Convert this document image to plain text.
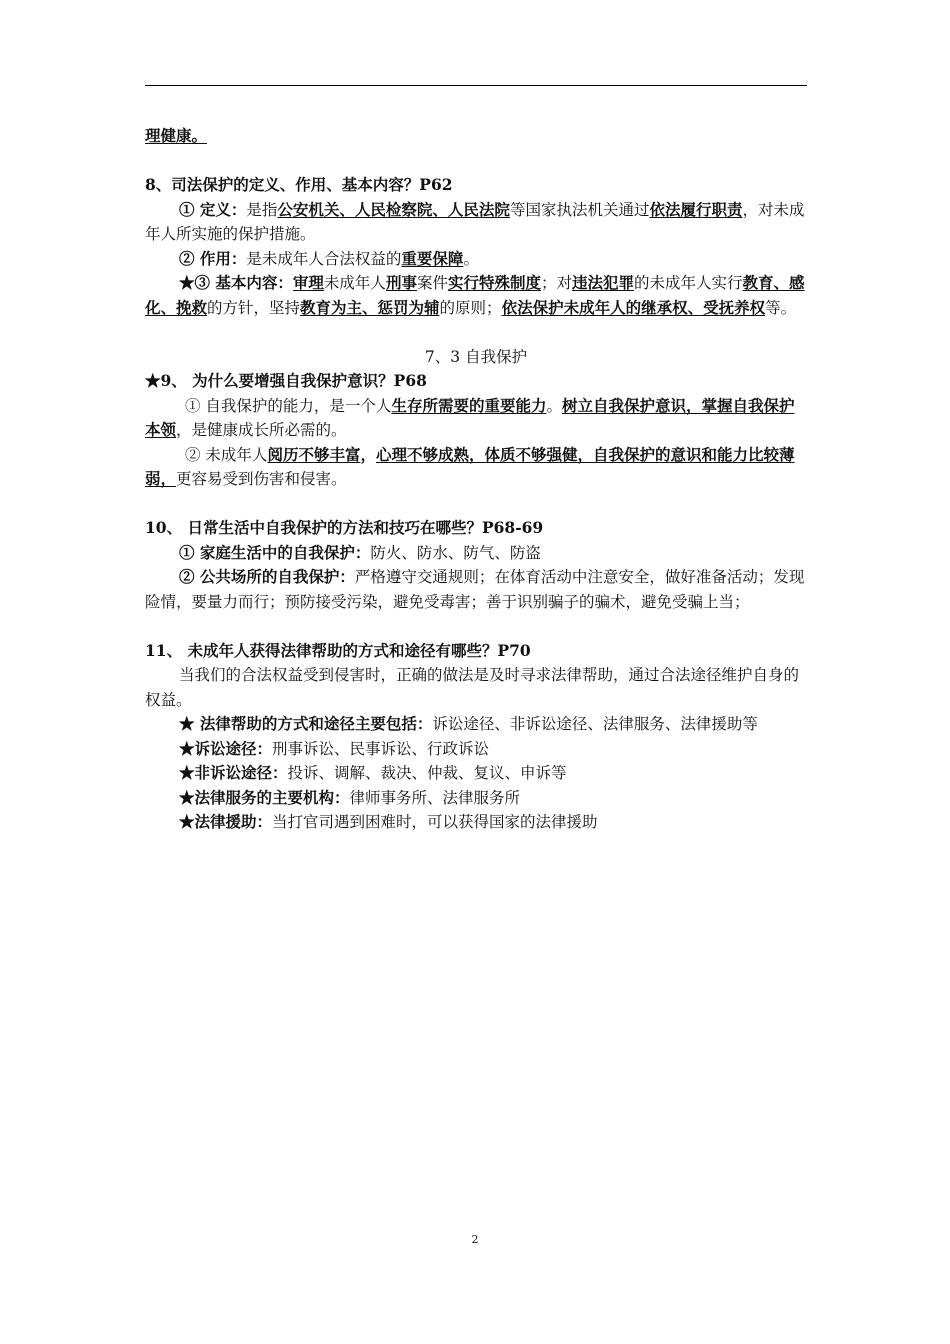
理健康。

8、司法保护的定义、作用、基本内容？P62

① 定义：是指公安机关、人民检察院、人民法院等国家执法机关通过依法履行职责，对未成年人所实施的保护措施。

② 作用：是未成年人合法权益的重要保障。

★③ 基本内容：审理未成年人刑事案件实行特殊制度；对违法犯罪的未成年人实行教育、感化、挽救的方针，坚持教育为主、惩罚为辅的原则；依法保护未成年人的继承权、受抚养权等。

7、3 自我保护

★9、 为什么要增强自我保护意识？P68

① 自我保护的能力，是一个人生存所需要的重要能力。树立自我保护意识，掌握自我保护本领，是健康成长所必需的。

② 未成年人阅历不够丰富，心理不够成熟，体质不够强健，自我保护的意识和能力比较薄弱，更容易受到伤害和侵害。

10、 日常生活中自我保护的方法和技巧在哪些？P68-69

① 家庭生活中的自我保护：防火、防水、防气、防盗

② 公共场所的自我保护：严格遵守交通规则；在体育活动中注意安全，做好准备活动；发现险情，要量力而行；预防接受污染，避免受毒害；善于识别骗子的骗术，避免受骗上当；

11、 未成年人获得法律帮助的方式和途径有哪些？P70

当我们的合法权益受到侵害时，正确的做法是及时寻求法律帮助，通过合法途径维护自身的权益。

★ 法律帮助的方式和途径主要包括：诉讼途径、非诉讼途径、法律服务、法律援助等

★诉讼途径：刑事诉讼、民事诉讼、行政诉讼

★非诉讼途径：投诉、调解、裁决、仲裁、复议、申诉等

★法律服务的主要机构：律师事务所、法律服务所

★法律援助：当打官司遇到困难时，可以获得国家的法律援助

2
